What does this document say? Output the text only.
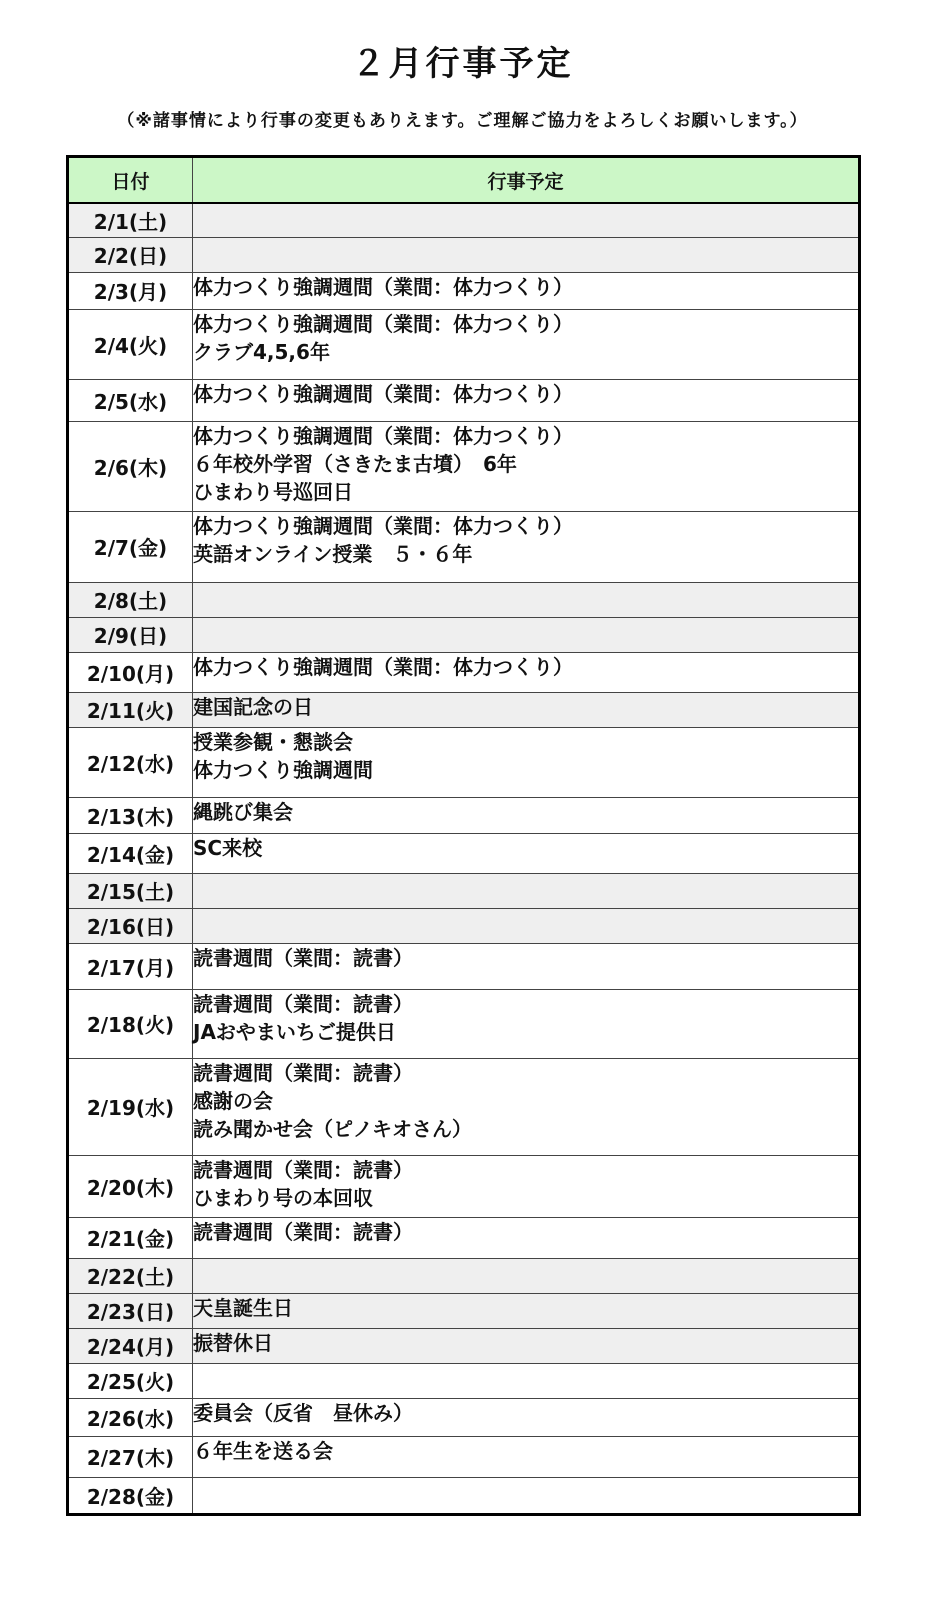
２月行事予定
（※諸事情により行事の変更もありえます。ご理解ご協力をよろしくお願いします。）
日付	行事予定
2/1(土)	
2/2(日)	
2/3(月)	体力つくり強調週間（業間：体力つくり）

2/4(火)	体力つくり強調週間（業間：体力つくり）
クラブ4,5,6年

2/5(水)	体力つくり強調週間（業間：体力つくり）

2/6(木)	体力つくり強調週間（業間：体力つくり）
６年校外学習（さきたま古墳）　6年
ひまわり号巡回日

2/7(金)	体力つくり強調週間（業間：体力つくり）
英語オンライン授業　５・６年

2/8(土)	
2/9(日)	
2/10(月)	体力つくり強調週間（業間：体力つくり）

2/11(火)	建国記念の日

2/12(水)	授業参観・懇談会
体力つくり強調週間

2/13(木)	縄跳び集会

2/14(金)	SC来校

2/15(土)	
2/16(日)	
2/17(月)	読書週間（業間：読書）

2/18(火)	読書週間（業間：読書）
JAおやまいちご提供日

2/19(水)	読書週間（業間：読書）
感謝の会
読み聞かせ会（ピノキオさん）

2/20(木)	読書週間（業間：読書）
ひまわり号の本回収

2/21(金)	読書週間（業間：読書）

2/22(土)	
2/23(日)	天皇誕生日

2/24(月)	振替休日

2/25(火)	
2/26(水)	委員会（反省　昼休み）

2/27(木)	６年生を送る会

2/28(金)	
